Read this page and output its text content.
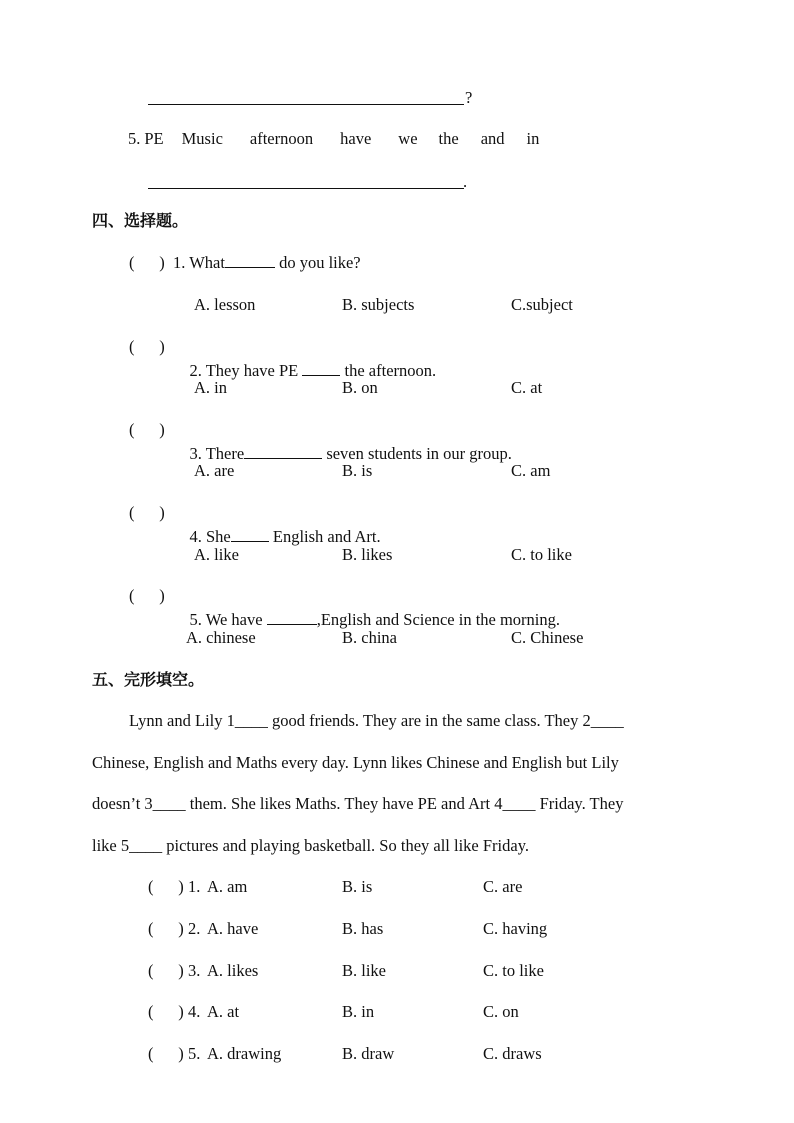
?
5. PE Music afternoon have we the and in
.
四、选择题。
(      ) 1. What	do you like?
A. lesson	B. subjects	C.subject
(      )

2. They have PE  the afternoon.

A. in	B. on	C. at
(      )

3. There	seven students in our group.

A. are	B. is	C. am
(      )

4. She English and Art.

A. like	B. likes	C. to like
(      )

5. We have	,English and Science in the morning.

A. chinese	B. china	C. Chinese
五、完形填空。
Lynn and Lily 1____ good friends. They are in the same class. They 2____
Chinese, English and Maths every day. Lynn likes Chinese and English but Lily
doesn’t 3____ them. She likes Maths. They have PE and Art 4____ Friday. They
like 5____ pictures and playing basketball. So they all like Friday.
(      ) 1. A. am	B. is	C. are
(      ) 2. A. have	B. has	C. having
(      ) 3. A. likes	B. like	C. to like
(      ) 4. A. at	B. in	C. on
(      ) 5. A. drawing	B. draw	C. draws
